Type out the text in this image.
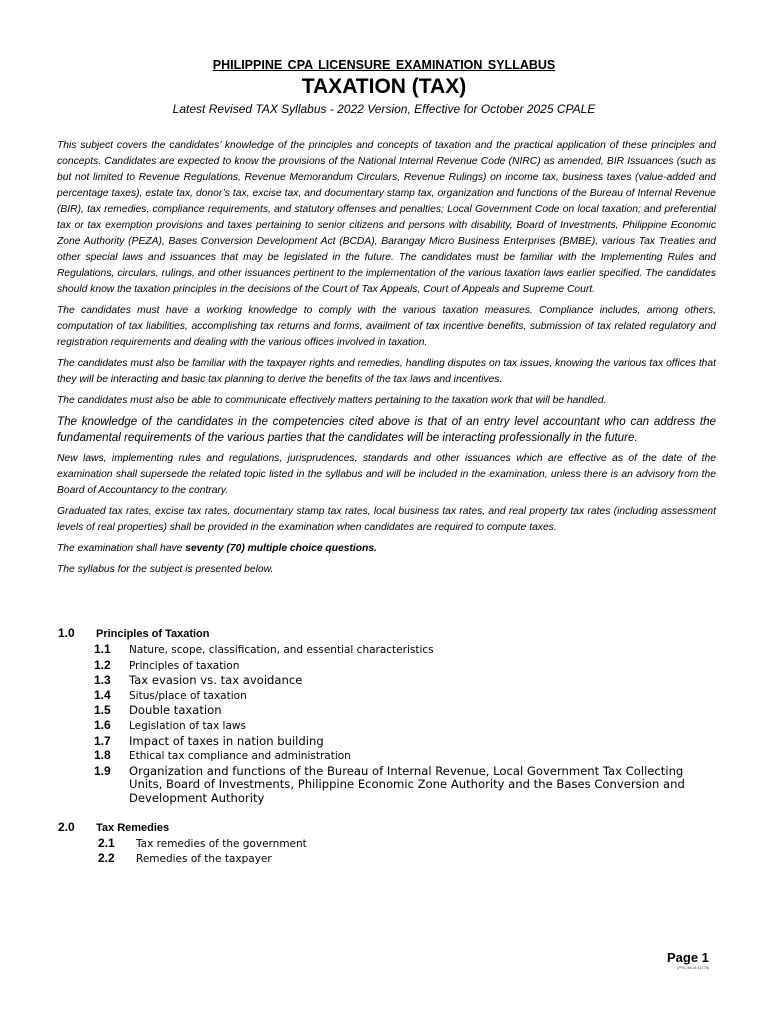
PHILIPPINE CPA LICENSURE EXAMINATION SYLLABUS
TAXATION (TAX)
Latest Revised TAX Syllabus - 2022 Version, Effective for October 2025 CPALE

This subject covers the candidates’ knowledge of the principles and concepts of taxation and the practical application of these principles and concepts. Candidates are expected to know the provisions of the National Internal Revenue Code (NIRC) as amended, BIR Issuances (such as but not limited to Revenue Regulations, Revenue Memorandum Circulars, Revenue Rulings) on income tax, business taxes (value-added and percentage taxes), estate tax, donor’s tax, excise tax, and documentary stamp tax, organization and functions of the Bureau of Internal Revenue (BIR), tax remedies, compliance requirements, and statutory offenses and penalties; Local Government Code on local taxation; and preferential tax or tax exemption provisions and taxes pertaining to senior citizens and persons with disability, Board of Investments, Philippine Economic Zone Authority (PEZA), Bases Conversion Development Act (BCDA), Barangay Micro Business Enterprises (BMBE), various Tax Treaties and other special laws and issuances that may be legislated in the future. The candidates must be familiar with the Implementing Rules and Regulations, circulars, rulings, and other issuances pertinent to the implementation of the various taxation laws earlier specified. The candidates should know the taxation principles in the decisions of the Court of Tax Appeals, Court of Appeals and Supreme Court.

The candidates must have a working knowledge to comply with the various taxation measures. Compliance includes, among others, computation of tax liabilities, accomplishing tax returns and forms, availment of tax incentive benefits, submission of tax related regulatory and registration requirements and dealing with the various offices involved in taxation.

The candidates must also be familiar with the taxpayer rights and remedies, handling disputes on tax issues, knowing the various tax offices that they will be interacting and basic tax planning to derive the benefits of the tax laws and incentives.

The candidates must also be able to communicate effectively matters pertaining to the taxation work that will be handled.

The knowledge of the candidates in the competencies cited above is that of an entry level accountant who can address the fundamental requirements of the various parties that the candidates will be interacting professionally in the future.

New laws, implementing rules and regulations, jurisprudences, standards and other issuances which are effective as of the date of the examination shall supersede the related topic listed in the syllabus and will be included in the examination, unless there is an advisory from the Board of Accountancy to the contrary.

Graduated tax rates, excise tax rates, documentary stamp tax rates, local business tax rates, and real property tax rates (including assessment levels of real properties) shall be provided in the examination when candidates are required to compute taxes.

The examination shall have seventy (70) multiple choice questions.

The syllabus for the subject is presented below.

1.0	Principles of Taxation
1.1	Nature, scope, classification, and essential characteristics
1.2	Principles of taxation
1.3	Tax evasion vs. tax avoidance
1.4	Situs/place of taxation
1.5	Double taxation
1.6	Legislation of tax laws
1.7	Impact of taxes in nation building
1.8	Ethical tax compliance and administration
1.9	Organization and functions of the Bureau of Internal Revenue, Local Government Tax Collecting Units, Board of Investments, Philippine Economic Zone Authority and the Bases Conversion and Development Authority
2.0	Tax Remedies
2.1	Tax remedies of the government
2.2	Remedies of the taxpayer
Page 1
(PRC/BOA/11178)
